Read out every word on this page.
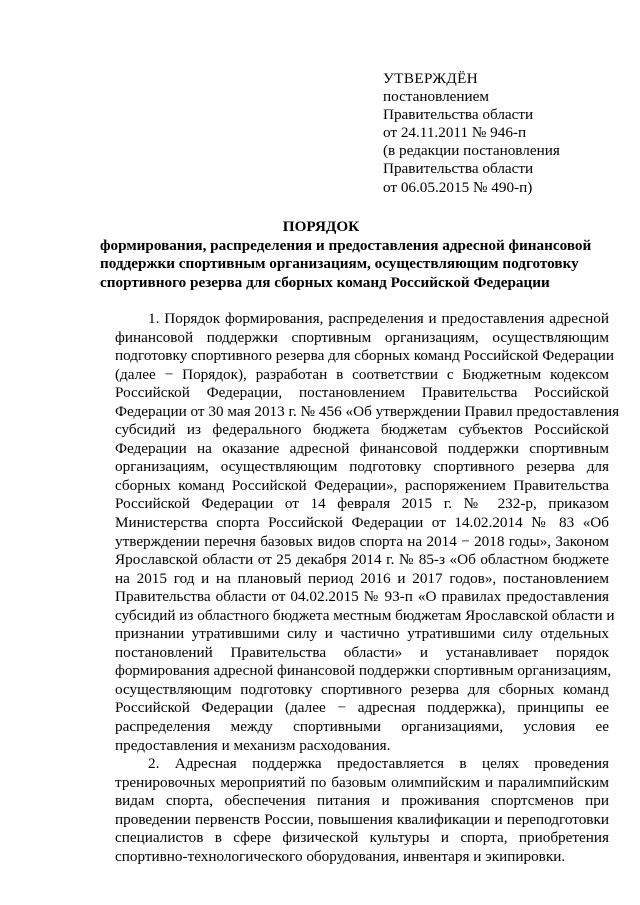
УТВЕРЖДЁН
постановлением
Правительства области
от 24.11.2011 № 946-п
(в редакции постановления
Правительства области
от 06.05.2015 № 490-п)
ПОРЯДОК
формирования, распределения и предоставления адресной финансовой
поддержки спортивным организациям, осуществляющим подготовку
спортивного резерва для сборных команд Российской Федерации
1. Порядок формирования, распределения и предоставления адресной
финансовой поддержки спортивным организациям, осуществляющим
подготовку спортивного резерва для сборных команд Российской Федерации
(далее − Порядок), разработан в соответствии с Бюджетным кодексом
Российской Федерации, постановлением Правительства Российской
Федерации от 30 мая 2013 г. № 456 «Об утверждении Правил предоставления
субсидий из федерального бюджета бюджетам субъектов Российской
Федерации на оказание адресной финансовой поддержки спортивным
организациям, осуществляющим подготовку спортивного резерва для
сборных команд Российской Федерации», распоряжением Правительства
Российской Федерации от 14 февраля 2015 г. № 232-р, приказом
Министерства спорта Российской Федерации от 14.02.2014 № 83 «Об
утверждении перечня базовых видов спорта на 2014 − 2018 годы», Законом
Ярославской области от 25 декабря 2014 г. № 85-з «Об областном бюджете
на 2015 год и на плановый период 2016 и 2017 годов», постановлением
Правительства области от 04.02.2015 № 93-п «О правилах предоставления
субсидий из областного бюджета местным бюджетам Ярославской области и
признании утратившими силу и частично утратившими силу отдельных
постановлений Правительства области» и устанавливает порядок
формирования адресной финансовой поддержки спортивным организациям,
осуществляющим подготовку спортивного резерва для сборных команд
Российской Федерации (далее − адресная поддержка), принципы ее
распределения между спортивными организациями, условия ее
предоставления и механизм расходования.
2. Адресная поддержка предоставляется в целях проведения
тренировочных мероприятий по базовым олимпийским и паралимпийским
видам спорта, обеспечения питания и проживания спортсменов при
проведении первенств России, повышения квалификации и переподготовки
специалистов в сфере физической культуры и спорта, приобретения
спортивно-технологического оборудования, инвентаря и экипировки.
